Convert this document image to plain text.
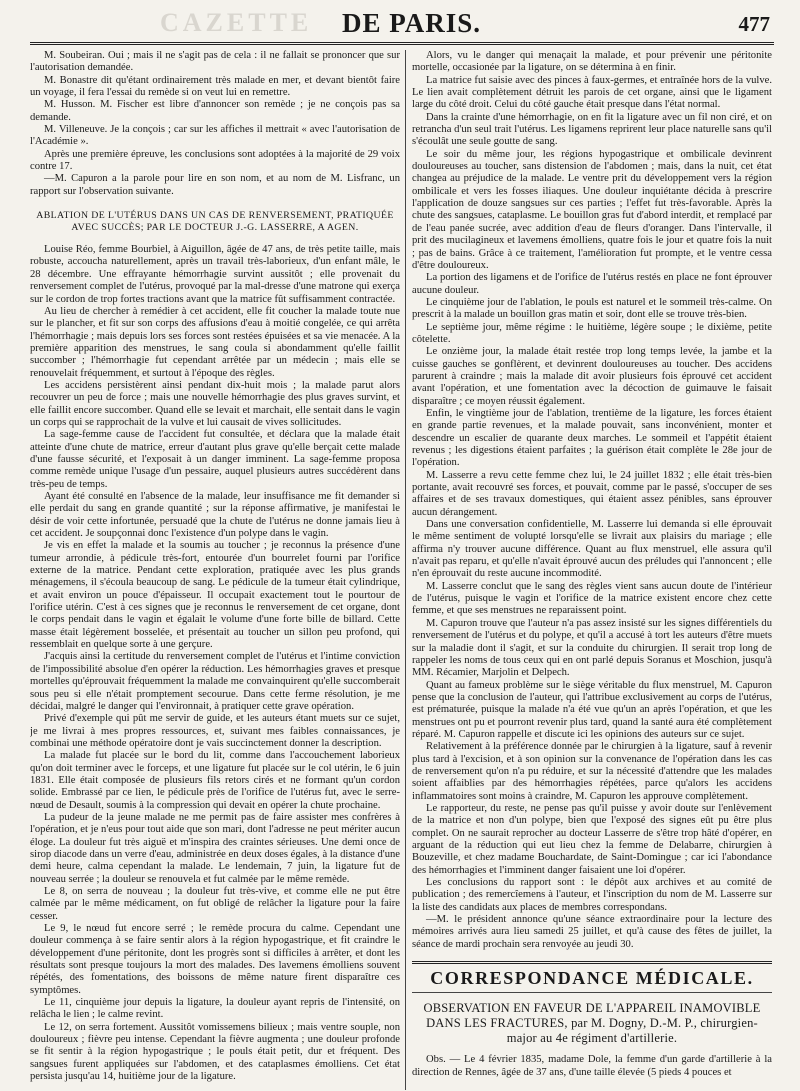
CAZETTE DE PARIS.	477

M. Soubeiran. Oui ; mais il ne s'agit pas de cela : il ne fallait se prononcer que sur l'autorisation demandée.

M. Bonastre dit qu'étant ordinairement très malade en mer, et devant bientôt faire un voyage, il fera l'essai du remède si on veut lui en remettre.

M. Husson. M. Fischer est libre d'annoncer son remède ; je ne conçois pas sa demande.

M. Villeneuve. Je la conçois ; car sur les affiches il mettrait « avec l'autorisation de l'Académie ».

Après une première épreuve, les conclusions sont adoptées à la majorité de 29 voix contre 17.

—M. Capuron a la parole pour lire en son nom, et au nom de M. Lisfranc, un rapport sur l'observation suivante.

ABLATION DE L'UTÉRUS DANS UN CAS DE RENVERSEMENT, PRATIQUÉE AVEC SUCCÈS; PAR LE DOCTEUR J.-G. LASSERRE, A AGEN.

Louise Réo, femme Bourbiel, à Aiguillon, âgée de 47 ans, de très petite taille, mais robuste, accoucha naturellement, après un travail très-laborieux, d'un enfant mâle, le 28 décembre. Une effrayante hémorrhagie survint aussitôt ; elle provenait du renversement complet de l'utérus, provoqué par la mal-dresse d'une matrone qui exerça sur le cordon de trop fortes tractions avant que la matrice fût suffisamment contractée.

Au lieu de chercher à remédier à cet accident, elle fit coucher la malade toute nue sur le plancher, et fit sur son corps des affusions d'eau à moitié congelée, ce qui arrêta l'hémorrhagie ; mais depuis lors ses forces sont restées épuisées et sa vie menacée. A la première apparition des menstrues, le sang coula si abondamment qu'elle faillit succomber ; l'hémorrhagie fut cependant arrêtée par un médecin ; mais elle se renouvelait fréquemment, et surtout à l'époque des règles.

Les accidens persistèrent ainsi pendant dix-huit mois ; la malade parut alors recouvrer un peu de force ; mais une nouvelle hémorrhagie des plus graves survint, et elle faillit encore succomber. Quand elle se levait et marchait, elle sentait dans le vagin un corps qui se rapprochait de la vulve et lui causait de vives sollicitudes.

La sage-femme cause de l'accident fut consultée, et déclara que la malade était atteinte d'une chute de matrice, erreur d'autant plus grave qu'elle berçait cette malade d'une fausse sécurité, et l'exposait à un danger imminent. La sage-femme proposa comme remède unique l'usage d'un pessaire, auquel plusieurs autres succédèrent dans très-peu de temps.

Ayant été consulté en l'absence de la malade, leur insuffisance me fit demander si elle perdait du sang en grande quantité ; sur la réponse affirmative, je manifestai le désir de voir cette infortunée, persuadé que la chute de l'utérus ne donne jamais lieu à cet accident. Je soupçonnai donc l'existence d'un polype dans le vagin.

Je vis en effet la malade et la soumis au toucher ; je reconnus la présence d'une tumeur arrondie, à pédicule très-fort, entourée d'un bourrelet fourni par l'orifice externe de la matrice. Pendant cette exploration, pratiquée avec les plus grands ménagemens, il s'écoula beaucoup de sang. Le pédicule de la tumeur était cylindrique, et avait environ un pouce d'épaisseur. Il occupait exactement tout le pourtour de l'orifice utérin. C'est à ces signes que je reconnus le renversement de cet organe, dont le corps pendait dans le vagin et égalait le volume d'une forte bille de billard. Cette masse était légèrement bosselée, et présentait au toucher un sillon peu profond, qui ressemblait en quelque sorte à une gerçure.

J'acquis ainsi la certitude du renversement complet de l'utérus et l'intime conviction de l'impossibilité absolue d'en opérer la réduction. Les hémorrhagies graves et presque mortelles qu'éprouvait fréquemment la malade me convainquirent qu'elle succomberait sous peu si elle n'était promptement secourue. Dans cette ferme résolution, je me décidai, malgré le danger qui l'environnait, à pratiquer cette grave opération.

Privé d'exemple qui pût me servir de guide, et les auteurs étant muets sur ce sujet, je me livrai à mes propres ressources, et, suivant mes faibles connaissances, je combinai une méthode opératoire dont je vais succinctement donner la description.

La malade fut placée sur le bord du lit, comme dans l'accouchement laborieux qu'on doit terminer avec le forceps, et une ligature fut placée sur le col utérin, le 6 juin 1831. Elle était composée de plusieurs fils retors cirés et ne formant qu'un cordon solide. Embrassé par ce lien, le pédicule près de l'orifice de l'utérus fut, avec le serre-nœud de Desault, soumis à la compression qui devait en opérer la chute prochaine.

La pudeur de la jeune malade ne me permit pas de faire assister mes confrères à l'opération, et je n'eus pour tout aide que son mari, dont l'adresse ne peut mériter aucun éloge. La douleur fut très aiguë et m'inspira des craintes sérieuses. Une demi once de sirop diacode dans un verre d'eau, administrée en deux doses égales, à la distance d'une demi heure, calma cependant la malade. Le lendemain, 7 juin, la ligature fut de nouveau serrée ; la douleur se renouvela et fut calmée par le même remède.

Le 8, on serra de nouveau ; la douleur fut très-vive, et comme elle ne put être calmée par le même médicament, on fut obligé de relâcher la ligature pour la faire cesser.

Le 9, le nœud fut encore serré ; le remède procura du calme. Cependant une douleur commença à se faire sentir alors à la région hypogastrique, et fit craindre le développement d'une péritonite, dont les progrès sont si difficiles à arrêter, et dont les résultats sont presque toujours la mort des malades. Des lavemens émolliens souvent répétés, des fomentations, des boissons de même nature firent disparaître ces symptômes.

Le 11, cinquième jour depuis la ligature, la douleur ayant repris de l'intensité, on relâcha le lien ; le calme revint.

Le 12, on serra fortement. Aussitôt vomissemens bilieux ; mais ventre souple, non douloureux ; fièvre peu intense. Cependant la fièvre augmenta ; une douleur profonde se fit sentir à la région hypogastrique ; le pouls était petit, dur et fréquent. Des sangsues furent appliquées sur l'abdomen, et des cataplasmes émolliens. Cet état persista jusqu'au 14, huitième jour de la ligature.

Alors, vu le danger qui menaçait la malade, et pour prévenir une péritonite mortelle, occasionée par la ligature, on se détermina à en finir.

La matrice fut saisie avec des pinces à faux-germes, et entraînée hors de la vulve. Le lien avait complètement détruit les parois de cet organe, ainsi que le ligament large du côté droit. Celui du côté gauche était presque dans l'état normal.

Dans la crainte d'une hémorrhagie, on en fit la ligature avec un fil non ciré, et on retrancha d'un seul trait l'utérus. Les ligamens reprirent leur place naturelle sans qu'il s'écoulât une seule goutte de sang.

Le soir du même jour, les régions hypogastrique et ombilicale devinrent douloureuses au toucher, sans distension de l'abdomen ; mais, dans la nuit, cet état changea au préjudice de la malade. Le ventre prit du développement vers la région ombilicale et vers les fosses iliaques. Une douleur inquiétante décida à prescrire l'application de douze sangsues sur ces parties ; l'effet fut très-favorable. Après la chute des sangsues, cataplasme. Le bouillon gras fut d'abord interdit, et remplacé par de l'eau panée sucrée, avec addition d'eau de fleurs d'oranger. Dans l'intervalle, il prit des mucilagineux et lavemens émolliens, quatre fois le jour et quatre fois la nuit ; pas de bains. Grâce à ce traitement, l'amélioration fut prompte, et le ventre cessa d'être douloureux.

La portion des ligamens et de l'orifice de l'utérus restés en place ne font éprouver aucune douleur.

Le cinquième jour de l'ablation, le pouls est naturel et le sommeil très-calme. On prescrit à la malade un bouillon gras matin et soir, dont elle se trouve très-bien.

Le septième jour, même régime : le huitième, légère soupe ; le dixième, petite côtelette.

Le onzième jour, la malade était restée trop long temps levée, la jambe et la cuisse gauches se gonflèrent, et devinrent douloureuses au toucher. Des accidens parurent à craindre ; mais la malade dit avoir plusieurs fois éprouvé cet accident avant l'opération, et une fomentation avec la décoction de guimauve le faisait disparaître ; ce moyen réussit également.

Enfin, le vingtième jour de l'ablation, trentième de la ligature, les forces étaient en grande partie revenues, et la malade pouvait, sans inconvénient, monter et descendre un escalier de quarante deux marches. Le sommeil et l'appétit étaient revenus ; les digestions étaient parfaites ; la guérison était complète le 28e jour de l'opération.

M. Lasserre a revu cette femme chez lui, le 24 juillet 1832 ; elle était très-bien portante, avait recouvré ses forces, et pouvait, comme par le passé, s'occuper de ses affaires et de ses travaux domestiques, qui étaient assez pénibles, sans éprouver aucun dérangement.

Dans une conversation confidentielle, M. Lasserre lui demanda si elle éprouvait le même sentiment de volupté lorsqu'elle se livrait aux plaisirs du mariage ; elle affirma n'y trouver aucune différence. Quant au flux menstruel, elle assura qu'il n'avait pas reparu, et qu'elle n'avait éprouvé aucun des préludes qui l'annoncent ; elle n'en éprouvait du reste aucune incommodité.

M. Lasserre conclut que le sang des règles vient sans aucun doute de l'intérieur de l'utérus, puisque le vagin et l'orifice de la matrice existent encore chez cette femme, et que ses menstrues ne reparaissent point.

M. Capuron trouve que l'auteur n'a pas assez insisté sur les signes différentiels du renversement de l'utérus et du polype, et qu'il a accusé à tort les auteurs d'être muets sur la maladie dont il s'agit, et sur la conduite du chirurgien. Il serait trop long de rappeler les noms de tous ceux qui en ont parlé depuis Soranus et Moschion, jusqu'à MM. Récamier, Marjolin et Delpech.

Quant au fameux problème sur le siège véritable du flux menstruel, M. Capuron pense que la conclusion de l'auteur, qui l'attribue exclusivement au corps de l'utérus, est prématurée, puisque la malade n'a été vue qu'un an après l'opération, et que les menstrues ont pu et pourront revenir plus tard, quand la santé aura été complètement réparé. M. Capuron rappelle et discute ici les opinions des auteurs sur ce sujet.

Relativement à la préférence donnée par le chirurgien à la ligature, sauf à revenir plus tard à l'excision, et à son opinion sur la convenance de l'opération dans les cas de renversement qu'on n'a pu réduire, et sur la nécessité d'attendre que les malades soient affaiblies par des hémorrhagies répétées, parce qu'alors les accidens inflammatoires sont moins à craindre, M. Capuron les approuve complètement.

Le rapporteur, du reste, ne pense pas qu'il puisse y avoir doute sur l'enlèvement de la matrice et non d'un polype, bien que l'exposé des signes eût pu être plus complet. On ne saurait reprocher au docteur Lasserre de s'être trop hâté d'opérer, en arguant de la réduction qui eut lieu chez la femme de Delabarre, chirurgien à Bouzeville, et chez madame Bouchardate, de Saint-Domingue ; car ici l'abondance des hémorrhagies et l'imminent danger faisaient une loi d'opérer.

Les conclusions du rapport sont : le dépôt aux archives et au comité de publication ; des remercîemens à l'auteur, et l'inscription du nom de M. Lasserre sur la liste des candidats aux places de membres correspondans.

—M. le président annonce qu'une séance extraordinaire pour la lecture des mémoires arrivés aura lieu samedi 25 juillet, et qu'à cause des fêtes de juillet, la séance de mardi prochain sera renvoyée au jeudi 30.

CORRESPONDANCE MÉDICALE.

OBSERVATION EN FAVEUR DE L'APPAREIL INAMOVIBLE DANS LES FRACTURES, par M. Dogny, D.-M. P., chirurgien-major au 4e régiment d'artillerie.

Obs. — Le 4 février 1835, madame Dole, la femme d'un garde d'artillerie à la direction de Rennes, âgée de 37 ans, d'une taille élevée (5 pieds 4 pouces et
